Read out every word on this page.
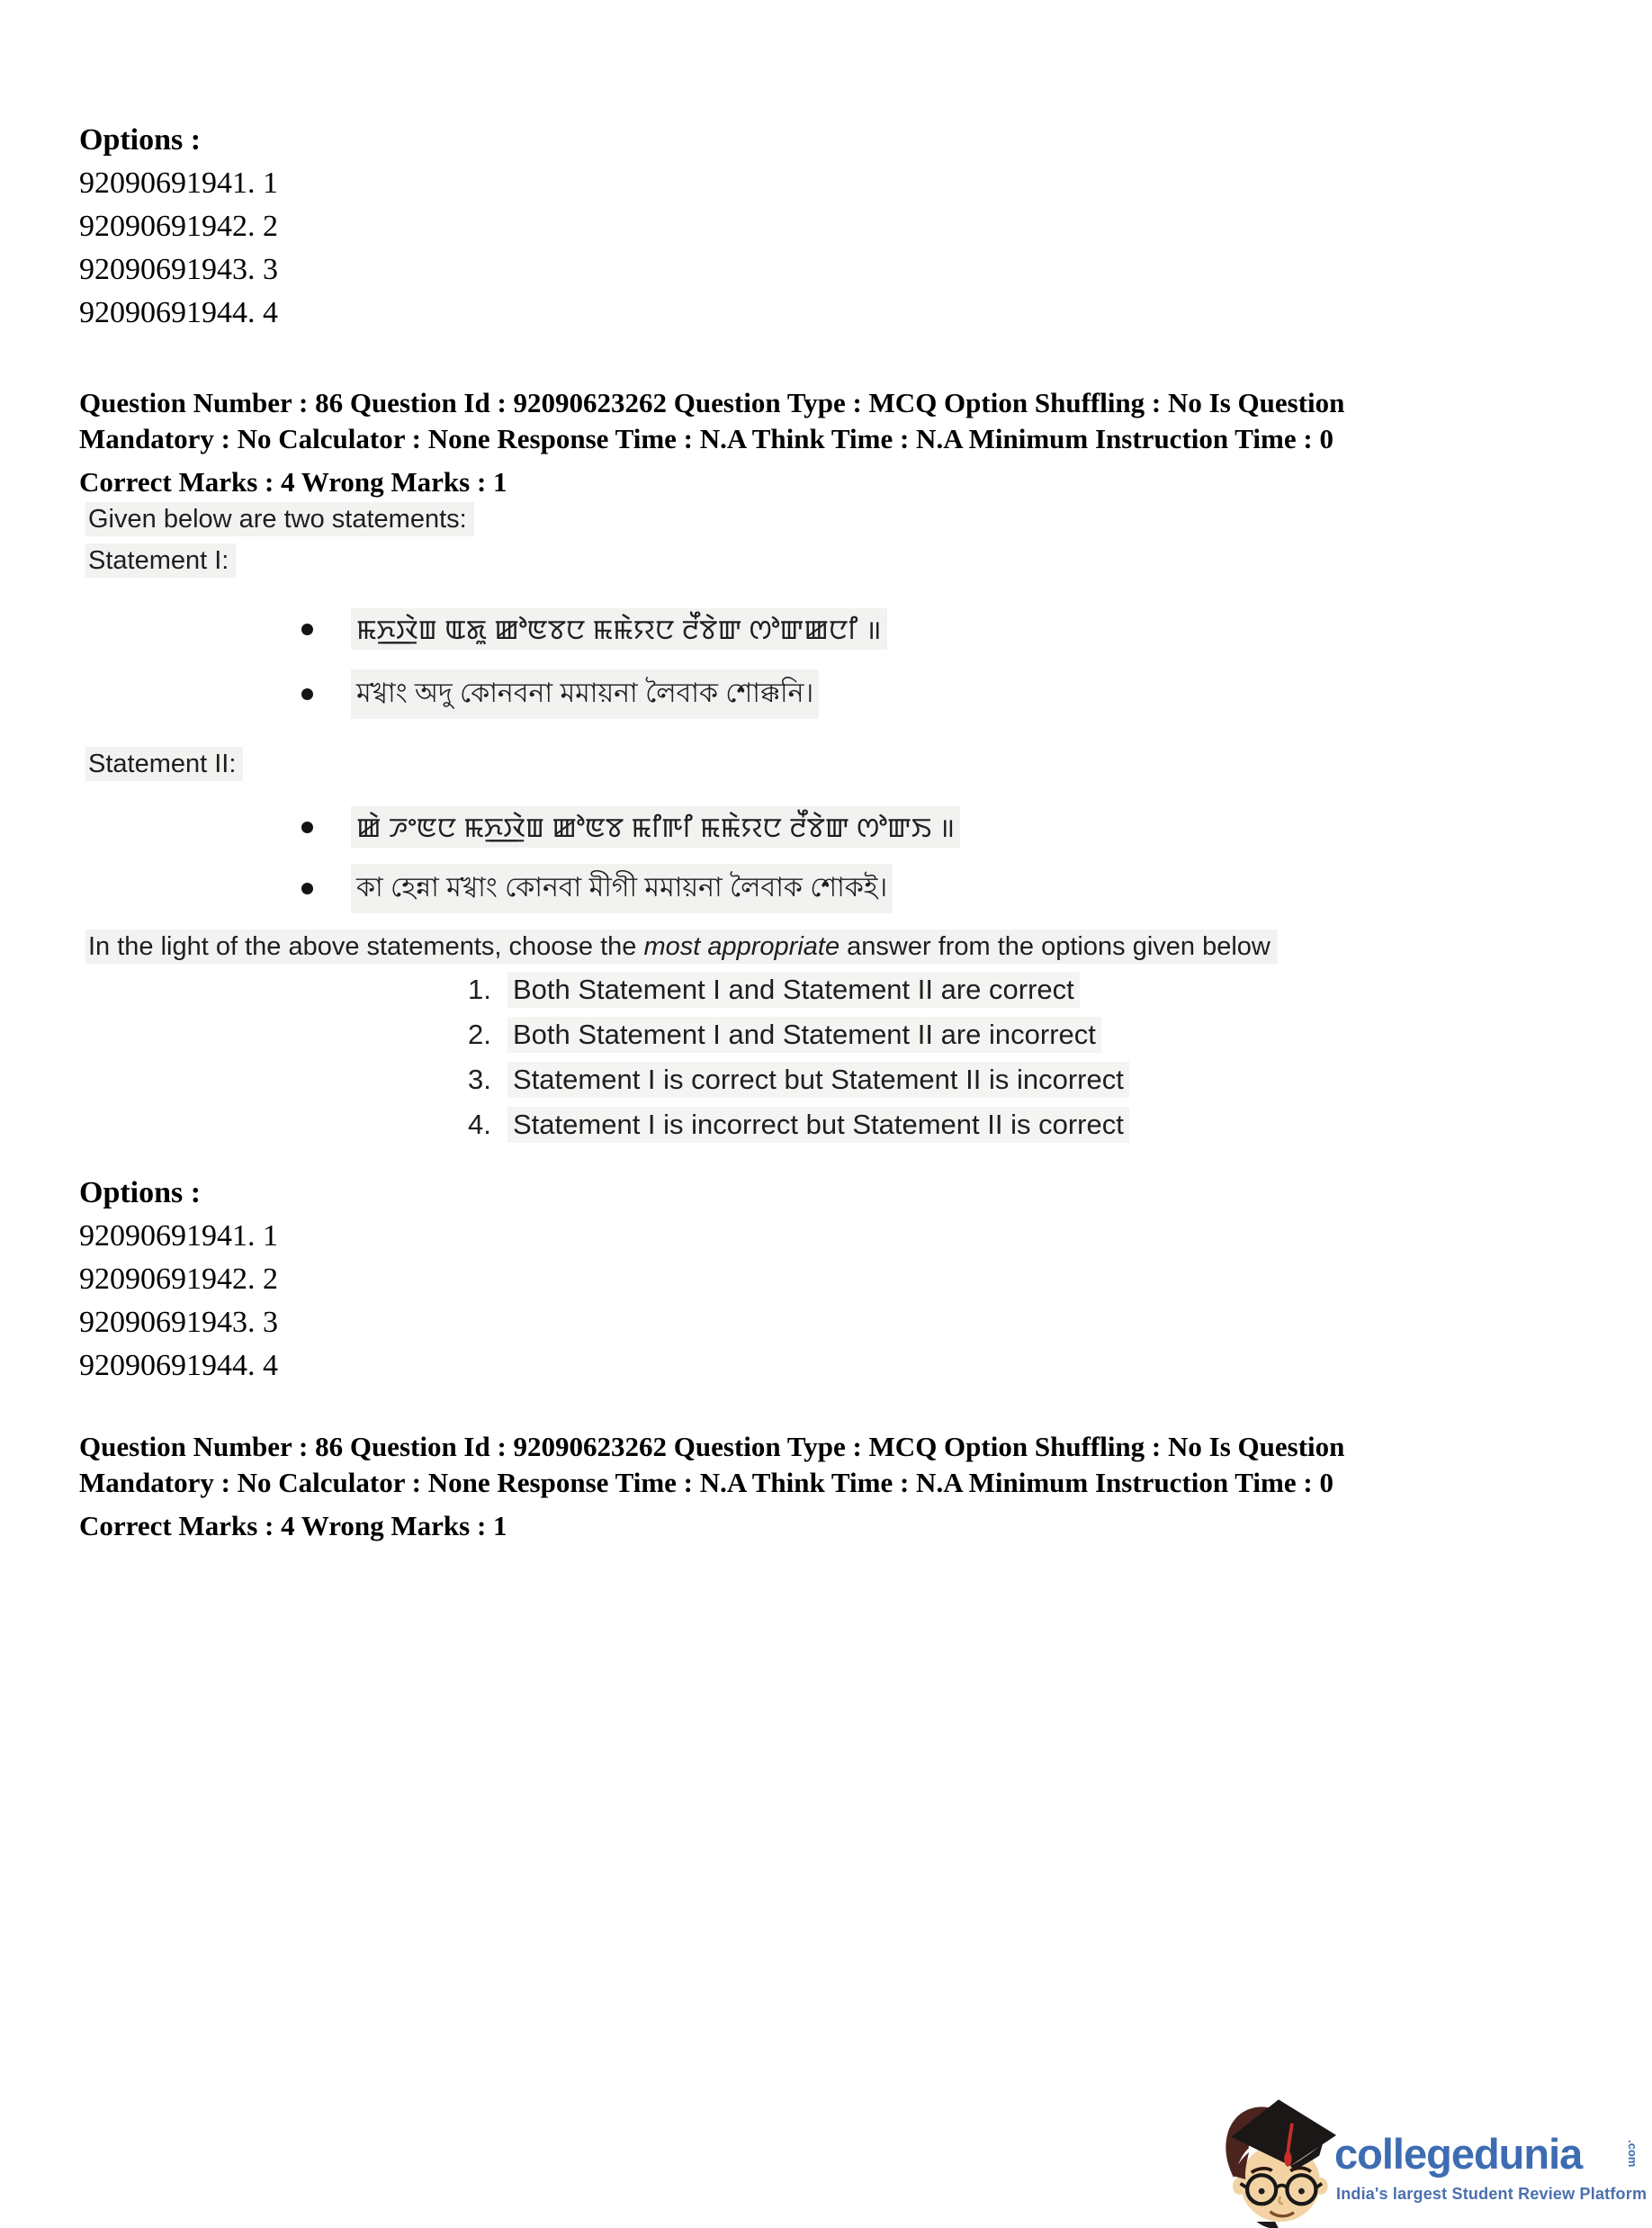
Options :
92090691941. 1
92090691942. 2
92090691943. 3
92090691944. 4
Question Number : 86 Question Id : 92090623262 Question Type : MCQ Option Shuffling : No Is Question
Mandatory : No Calculator : None Response Time : N.A Think Time : N.A Minimum Instruction Time : 0
Correct Marks : 4 Wrong Marks : 1
Given below are two statements:
Statement I:
ꯃꯈ꯭ꯋꯥꯡ ꯑꯗꯨ ꯀꯣꯟꯕꯅ ꯃꯃꯥꯌꯅ ꯂꯩꯕꯥꯛ ꯁꯣꯛꯀꯅꯤ ॥
মখ্বাং অদু কোনবনা মমায়না লৈবাক শোক্কনি।
Statement II:
ꯀꯥ ꯍꯦꯟꯅ ꯃꯈ꯭ꯋꯥꯡ ꯀꯣꯟꯕ ꯃꯤꯒꯤ ꯃꯃꯥꯌꯅ ꯂꯩꯕꯥꯛ ꯁꯣꯛꯏ ॥
কা হেন্না মখ্বাং কোনবা মীগী মমায়না লৈবাক শোকই।
In the light of the above statements, choose the most appropriate answer from the options given below
1. Both Statement I and Statement II are correct
2. Both Statement I and Statement II are incorrect
3. Statement I is correct but Statement II is incorrect
4. Statement I is incorrect but Statement II is correct
Options :
92090691941. 1
92090691942. 2
92090691943. 3
92090691944. 4
Question Number : 86 Question Id : 92090623262 Question Type : MCQ Option Shuffling : No Is Question
Mandatory : No Calculator : None Response Time : N.A Think Time : N.A Minimum Instruction Time : 0
Correct Marks : 4 Wrong Marks : 1
collegedunia	.com
India's largest Student Review Platform
